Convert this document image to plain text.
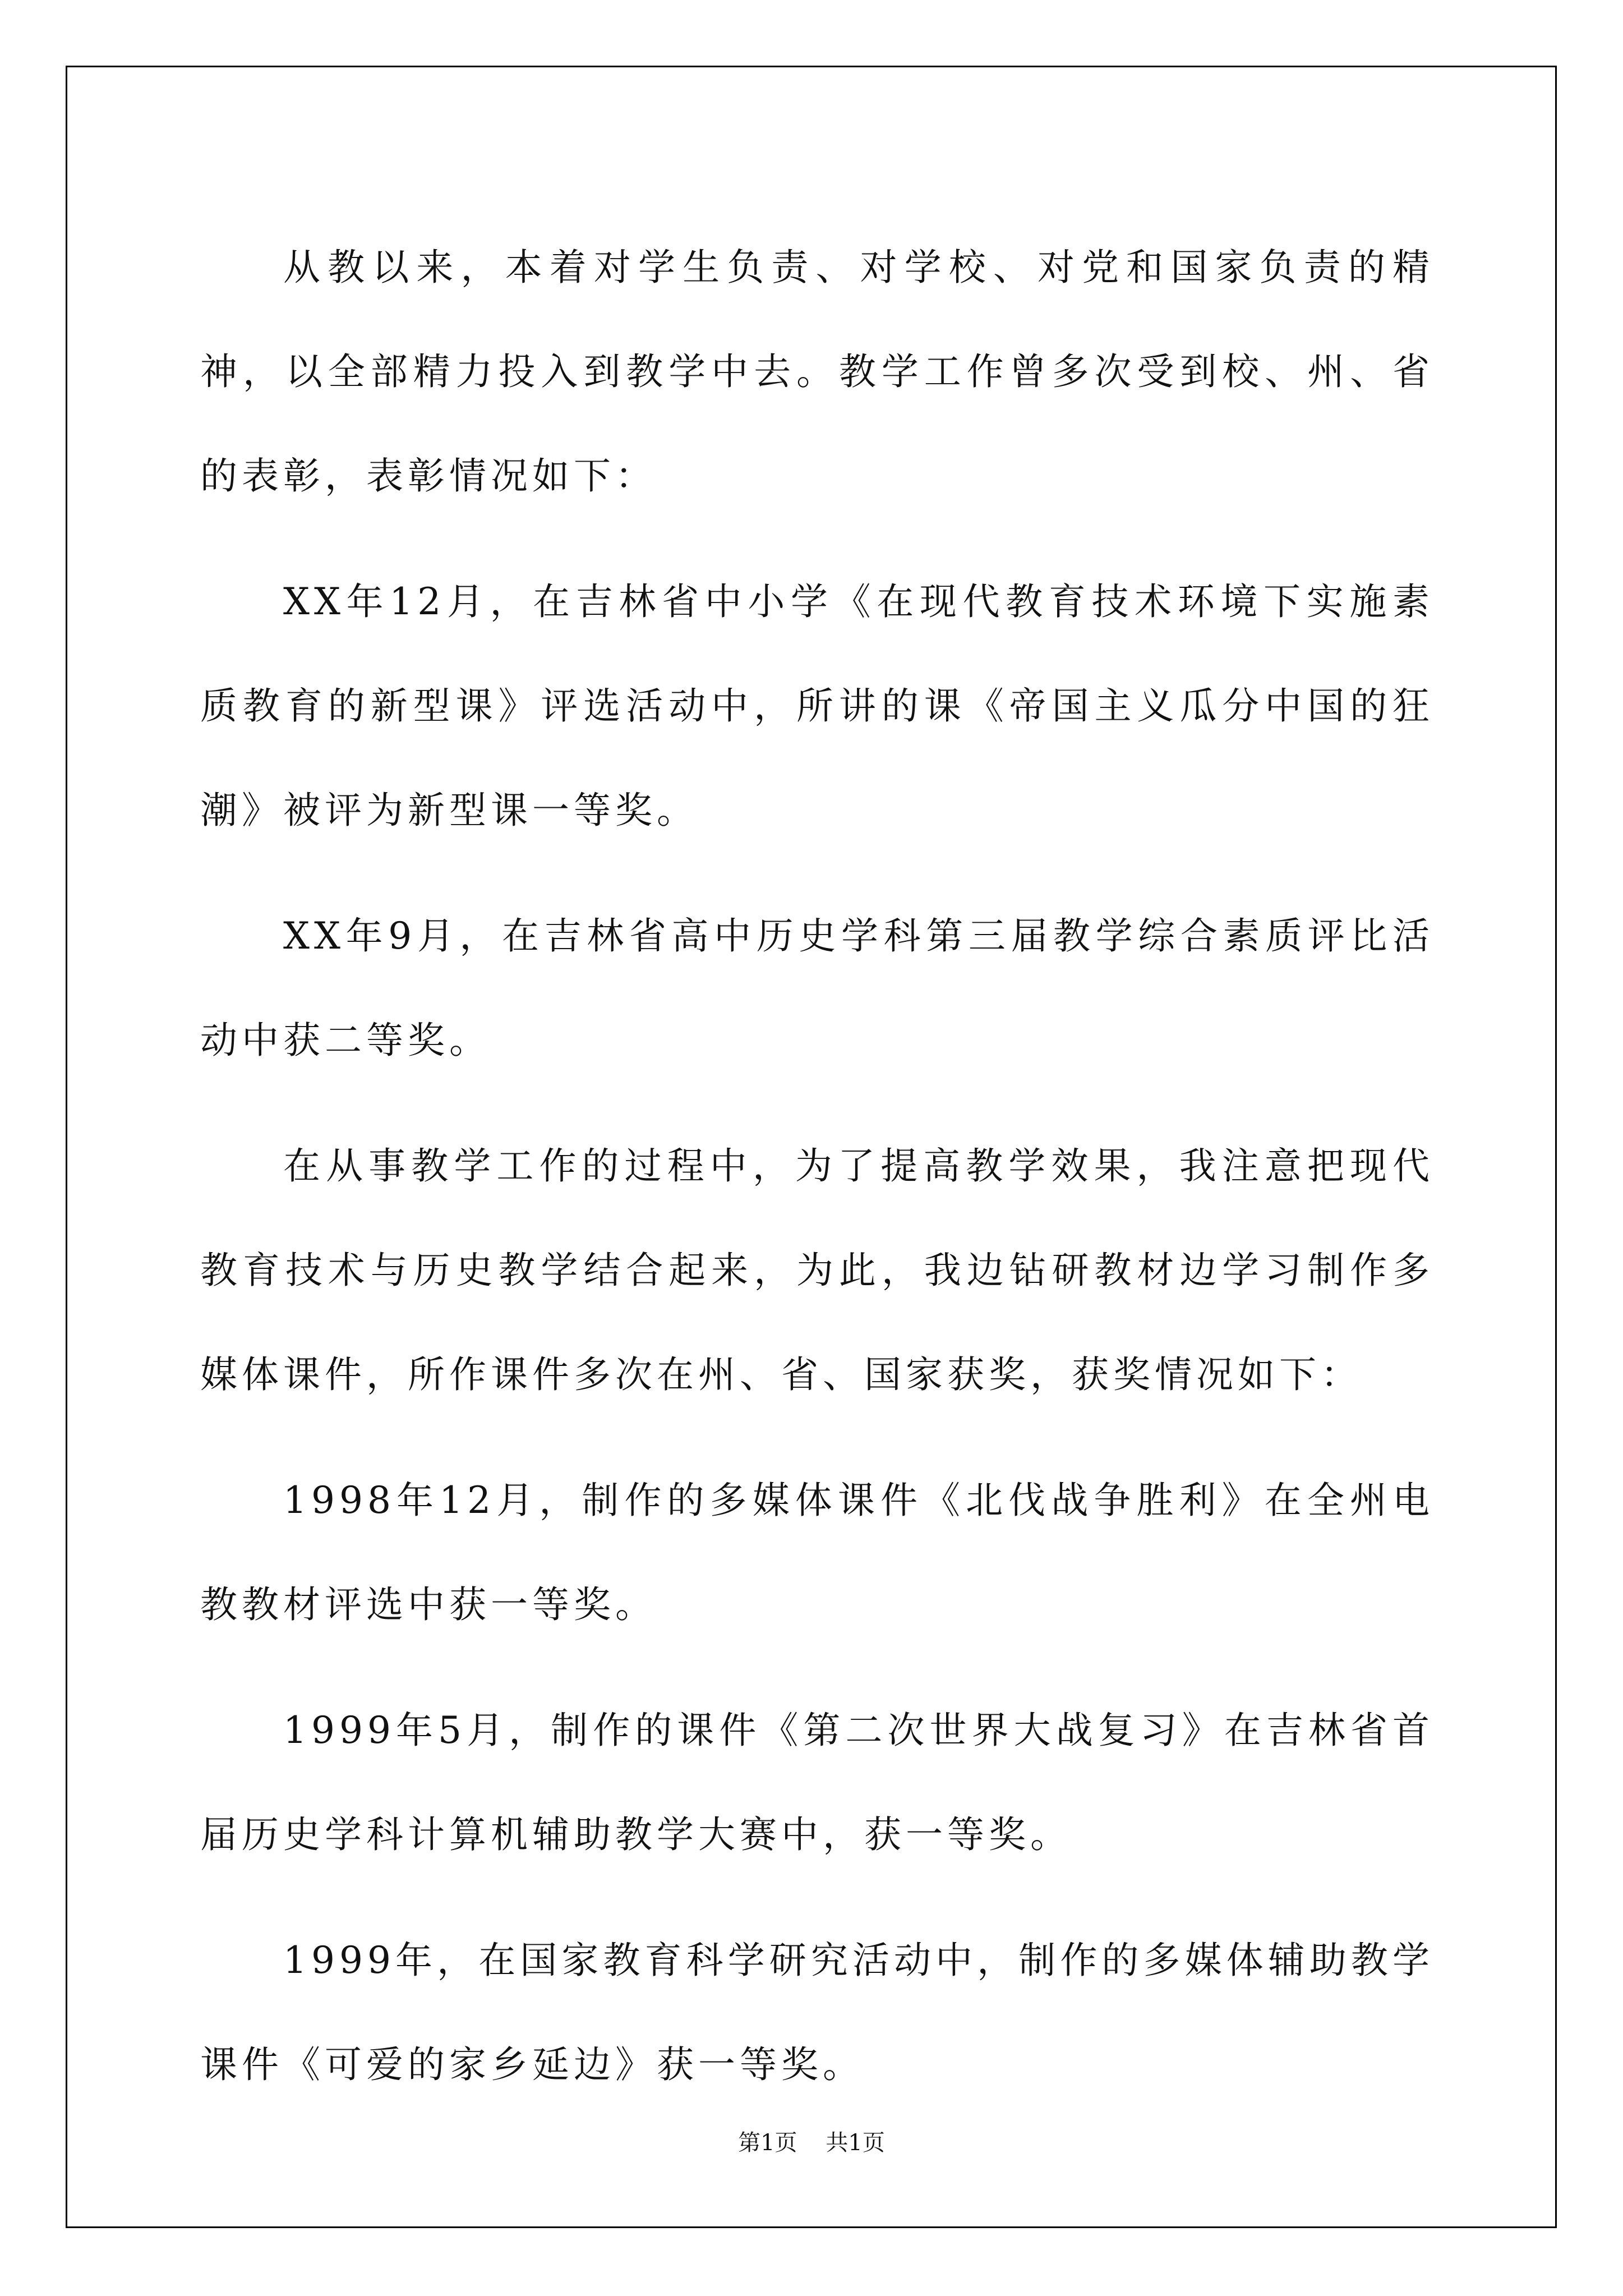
从教以来，本着对学生负责、对学校、对党和国家负责的精神，以全部精力投入到教学中去。教学工作曾多次受到校、州、省的表彰，表彰情况如下：

XX年12月，在吉林省中小学《在现代教育技术环境下实施素质教育的新型课》评选活动中，所讲的课《帝国主义瓜分中国的狂潮》被评为新型课一等奖。

XX年9月，在吉林省高中历史学科第三届教学综合素质评比活动中获二等奖。

在从事教学工作的过程中，为了提高教学效果，我注意把现代教育技术与历史教学结合起来，为此，我边钻研教材边学习制作多媒体课件，所作课件多次在州、省、国家获奖，获奖情况如下：

1998年12月，制作的多媒体课件《北伐战争胜利》在全州电教教材评选中获一等奖。

1999年5月，制作的课件《第二次世界大战复习》在吉林省首届历史学科计算机辅助教学大赛中，获一等奖。

1999年，在国家教育科学研究活动中，制作的多媒体辅助教学课件《可爱的家乡延边》获一等奖。

第1页 共1页
